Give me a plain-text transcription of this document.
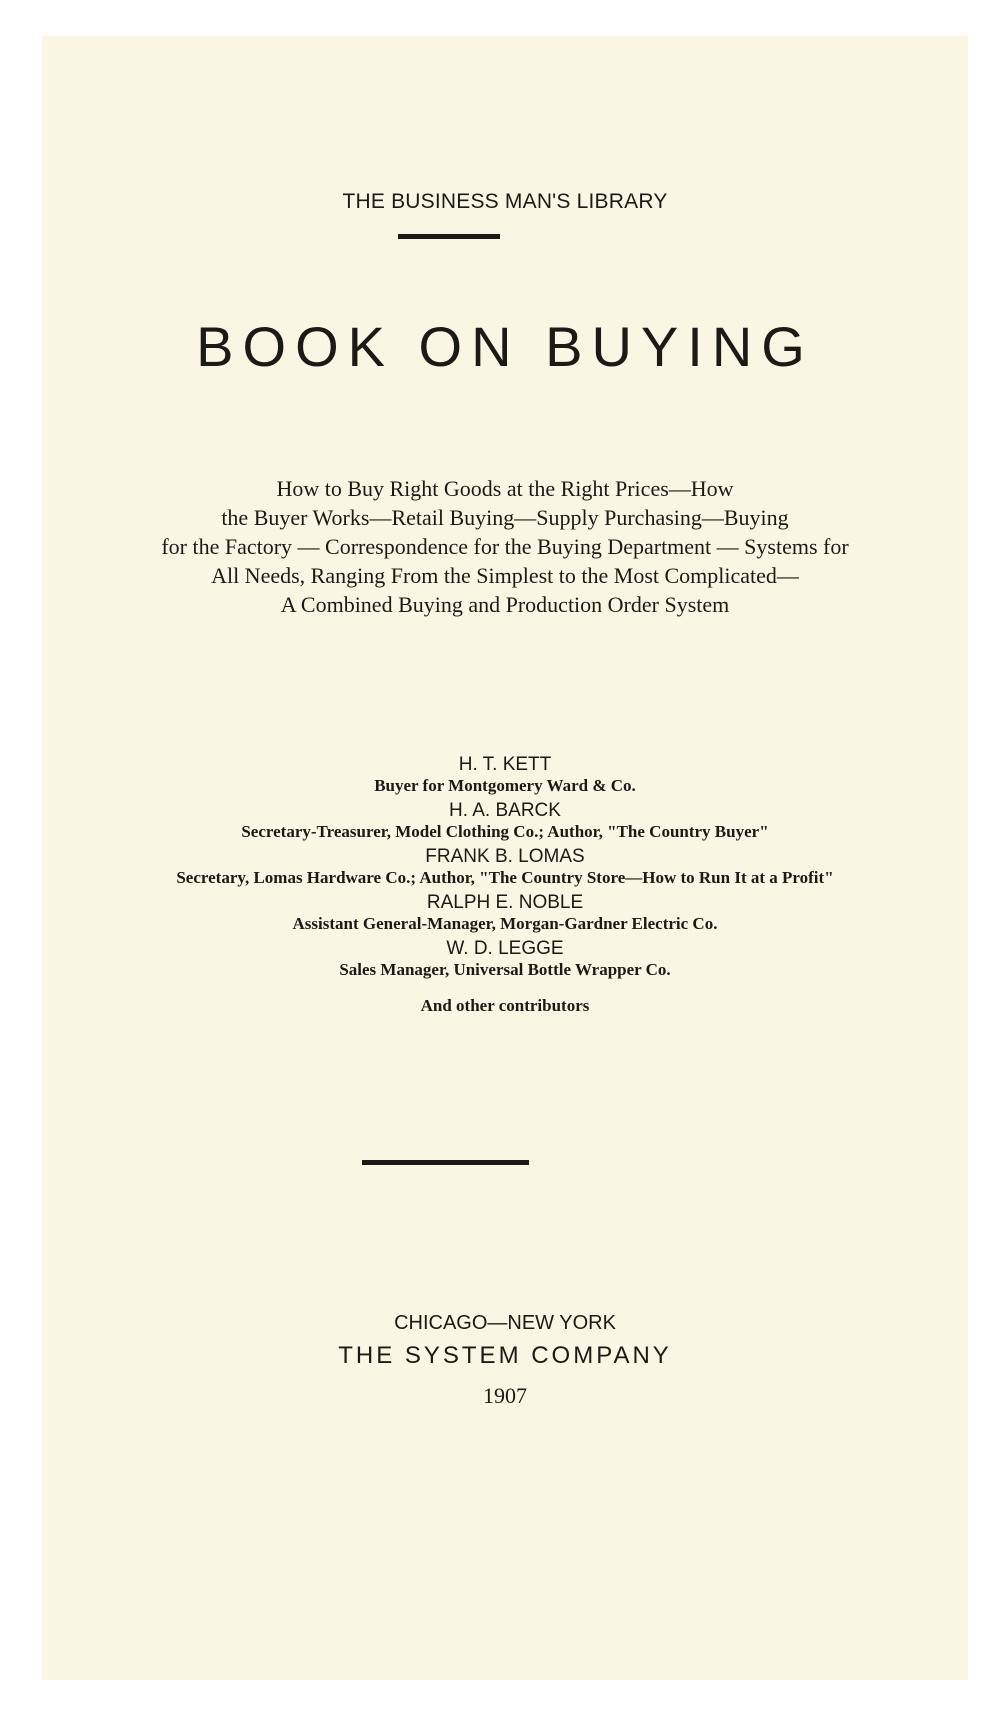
THE BUSINESS MAN'S LIBRARY
BOOK ON BUYING
How to Buy Right Goods at the Right Prices—How
the Buyer Works—Retail Buying—Supply Purchasing—Buying
for the Factory — Correspondence for the Buying Department — Systems for
All Needs, Ranging From the Simplest to the Most Complicated—
A Combined Buying and Production Order System
H. T. KETT
Buyer for Montgomery Ward & Co.
H. A. BARCK
Secretary-Treasurer, Model Clothing Co.; Author, "The Country Buyer"
FRANK B. LOMAS
Secretary, Lomas Hardware Co.; Author, "The Country Store—How to Run It at a Profit"
RALPH E. NOBLE
Assistant General-Manager, Morgan-Gardner Electric Co.
W. D. LEGGE
Sales Manager, Universal Bottle Wrapper Co.
And other contributors
CHICAGO—NEW YORK
THE SYSTEM COMPANY
1907
